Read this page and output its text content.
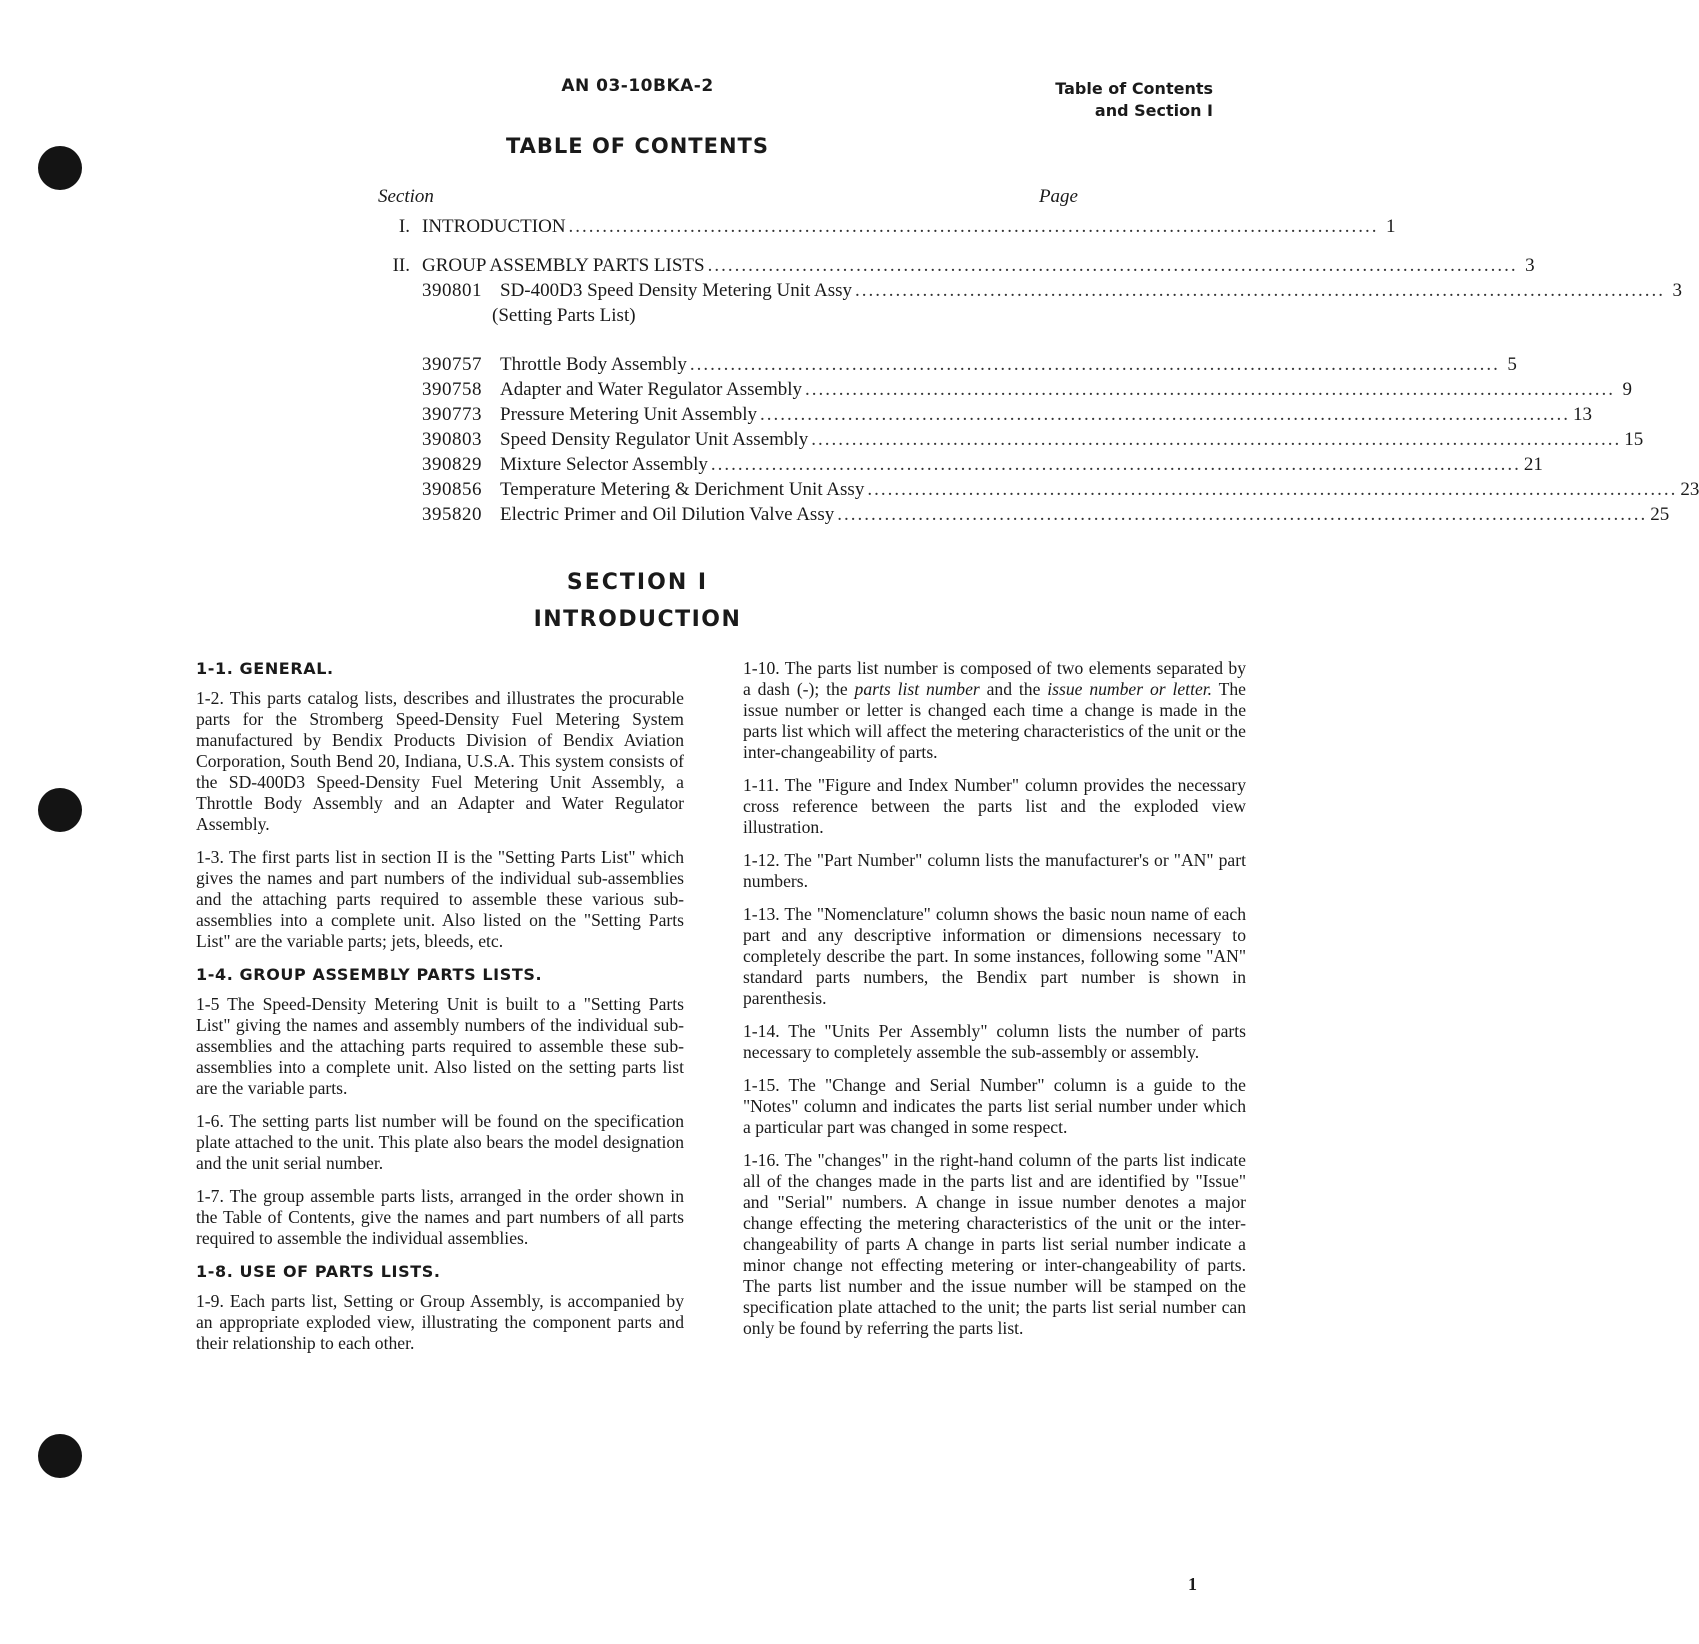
AN 03-10BKA-2	Table of Contents
and Section I
TABLE OF CONTENTS
Section	Page
I. INTRODUCTION .....	1
II. GROUP ASSEMBLY PARTS LISTS .....	3
390801 SD-400D3 Speed Density Metering Unit Assy .....	3
(Setting Parts List)
390757 Throttle Body Assembly .....	5
390758 Adapter and Water Regulator Assembly .....	9
390773 Pressure Metering Unit Assembly .....	13
390803 Speed Density Regulator Unit Assembly .....	15
390829 Mixture Selector Assembly .....	21
390856 Temperature Metering & Derichment Unit Assy .....	23
395820 Electric Primer and Oil Dilution Valve Assy .....	25
SECTION I
INTRODUCTION
1-1. GENERAL.

1-2. This parts catalog lists, describes and illustrates the procurable parts for the Stromberg Speed-Density Fuel Metering System manufactured by Bendix Products Division of Bendix Aviation Corporation, South Bend 20, Indiana, U.S.A. This system consists of the SD-400D3 Speed-Density Fuel Metering Unit Assembly, a Throttle Body Assembly and an Adapter and Water Regulator Assembly.

1-3. The first parts list in section II is the "Setting Parts List" which gives the names and part numbers of the individual sub-assemblies and the attaching parts required to assemble these various sub-assemblies into a complete unit. Also listed on the "Setting Parts List" are the variable parts; jets, bleeds, etc.

1-4. GROUP ASSEMBLY PARTS LISTS.

1-5 The Speed-Density Metering Unit is built to a "Setting Parts List" giving the names and assembly numbers of the individual sub-assemblies and the attaching parts required to assemble these sub-assemblies into a complete unit. Also listed on the setting parts list are the variable parts.

1-6. The setting parts list number will be found on the specification plate attached to the unit. This plate also bears the model designation and the unit serial number.

1-7. The group assemble parts lists, arranged in the order shown in the Table of Contents, give the names and part numbers of all parts required to assemble the individual assemblies.

1-8. USE OF PARTS LISTS.

1-9. Each parts list, Setting or Group Assembly, is accompanied by an appropriate exploded view, illustrating the component parts and their relationship to each other.

1-10. The parts list number is composed of two elements separated by a dash (-); the parts list number and the issue number or letter. The issue number or letter is changed each time a change is made in the parts list which will affect the metering characteristics of the unit or the inter-changeability of parts.

1-11. The "Figure and Index Number" column provides the necessary cross reference between the parts list and the exploded view illustration.

1-12. The "Part Number" column lists the manufacturer's or "AN" part numbers.

1-13. The "Nomenclature" column shows the basic noun name of each part and any descriptive information or dimensions necessary to completely describe the part. In some instances, following some "AN" standard parts numbers, the Bendix part number is shown in parenthesis.

1-14. The "Units Per Assembly" column lists the number of parts necessary to completely assemble the sub-assembly or assembly.

1-15. The "Change and Serial Number" column is a guide to the "Notes" column and indicates the parts list serial number under which a particular part was changed in some respect.

1-16. The "changes" in the right-hand column of the parts list indicate all of the changes made in the parts list and are identified by "Issue" and "Serial" numbers. A change in issue number denotes a major change effecting the metering characteristics of the unit or the inter-changeability of parts A change in parts list serial number indicate a minor change not effecting metering or inter-changeability of parts. The parts list number and the issue number will be stamped on the specification plate attached to the unit; the parts list serial number can only be found by referring the parts list.

1
